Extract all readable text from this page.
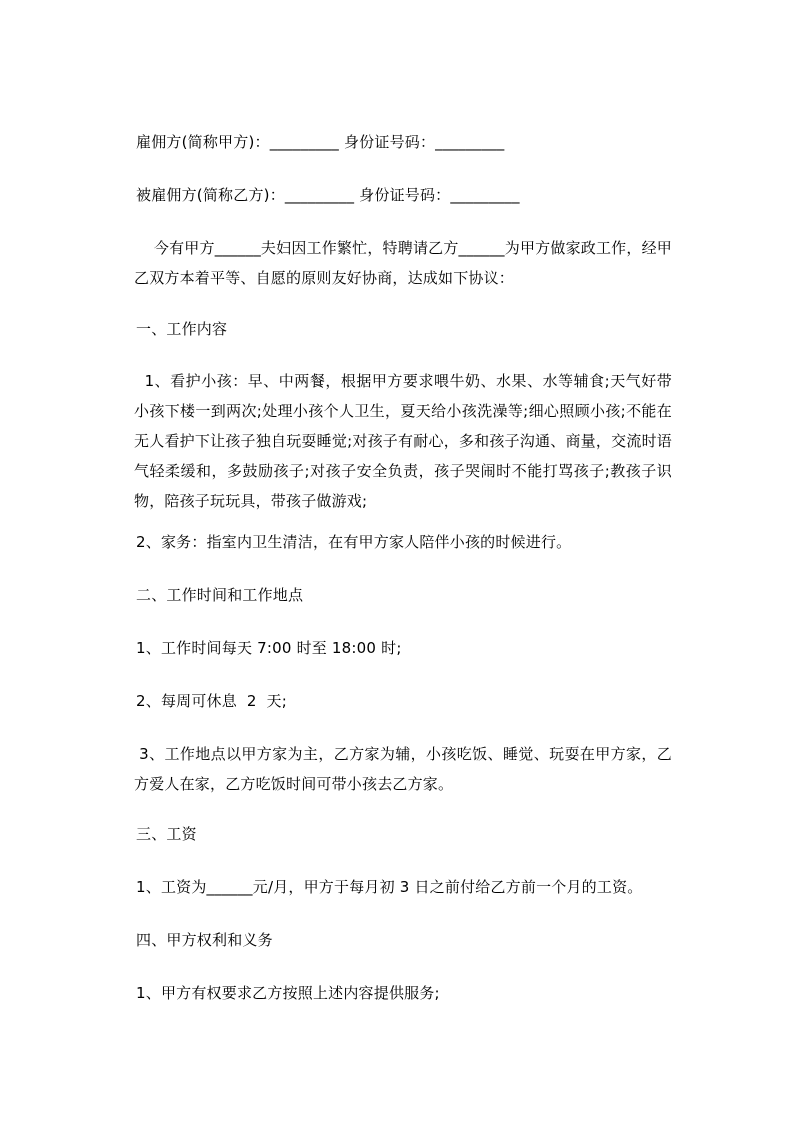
雇佣方(简称甲方)：_________ 身份证号码：_________
被雇佣方(简称乙方)：_________ 身份证号码：_________
今有甲方______夫妇因工作繁忙，特聘请乙方______为甲方做家政工作，经甲乙双方本着平等、自愿的原则友好协商，达成如下协议：
一、工作内容
1、看护小孩：早、中两餐，根据甲方要求喂牛奶、水果、水等辅食;天气好带小孩下楼一到两次;处理小孩个人卫生，夏天给小孩洗澡等;细心照顾小孩;不能在无人看护下让孩子独自玩耍睡觉;对孩子有耐心，多和孩子沟通、商量，交流时语气轻柔缓和，多鼓励孩子;对孩子安全负责，孩子哭闹时不能打骂孩子;教孩子识物，陪孩子玩玩具，带孩子做游戏;
2、家务：指室内卫生清洁，在有甲方家人陪伴小孩的时候进行。
二、工作时间和工作地点
1、工作时间每天 7:00 时至 18:00 时;
2、每周可休息  2  天;
3、工作地点以甲方家为主，乙方家为辅，小孩吃饭、睡觉、玩耍在甲方家，乙方爱人在家，乙方吃饭时间可带小孩去乙方家。
三、工资
1、工资为______元/月，甲方于每月初 3 日之前付给乙方前一个月的工资。
四、甲方权利和义务
1、甲方有权要求乙方按照上述内容提供服务;
